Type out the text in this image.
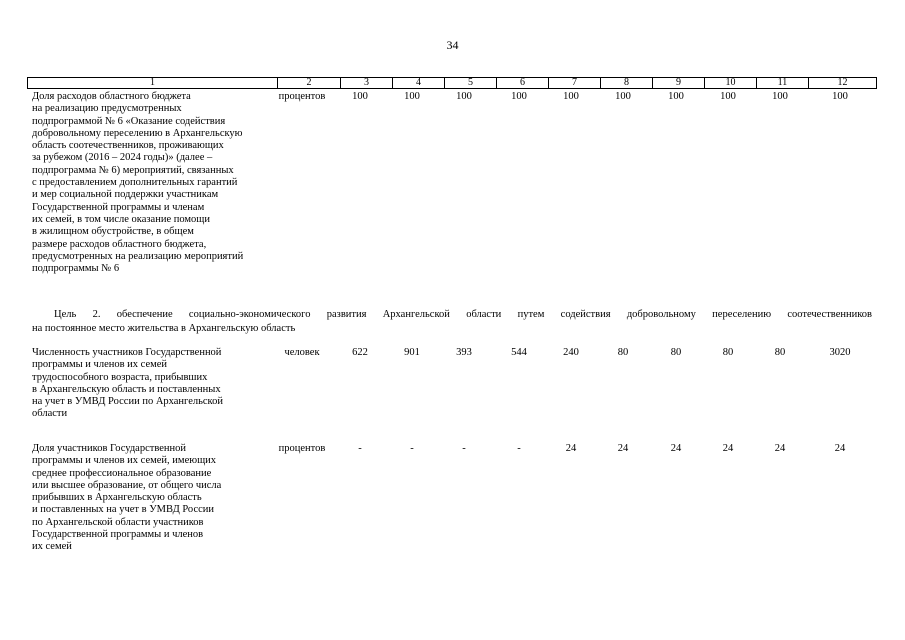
34
1	2	3	4	5	6	7	8	9	10	11	12
Доля расходов областного бюджета
на реализацию предусмотренных
подпрограммой № 6 «Оказание содействия
добровольному переселению в Архангельскую
область соотечественников, проживающих
за рубежом (2016 – 2024 годы)» (далее –
подпрограмма № 6) мероприятий, связанных
с предоставлением дополнительных гарантий
и мер социальной поддержки участникам
Государственной программы и членам
их семей, в том числе оказание помощи
в жилищном обустройстве, в общем
размере расходов областного бюджета,
предусмотренных на реализацию мероприятий
подпрограммы № 6
процентов	100	100	100	100	100	100	100	100	100	100
Цель 2. обеспечение социально-экономического развития Архангельской области путем содействия добровольному переселению соотечественников
на постоянное место жительства в Архангельскую область
Численность участников Государственной
программы и членов их семей
трудоспособного возраста, прибывших
в Архангельскую область и поставленных
на учет в УМВД России по Архангельской
области
человек	622	901	393	544	240	80	80	80	80	3020
Доля участников Государственной
программы и членов их семей, имеющих
среднее профессиональное образование
или высшее образование, от общего числа
прибывших в Архангельскую область
и поставленных на учет в УМВД России
по Архангельской области участников
Государственной программы и членов
их семей
процентов	-	-	-	-	24	24	24	24	24	24
